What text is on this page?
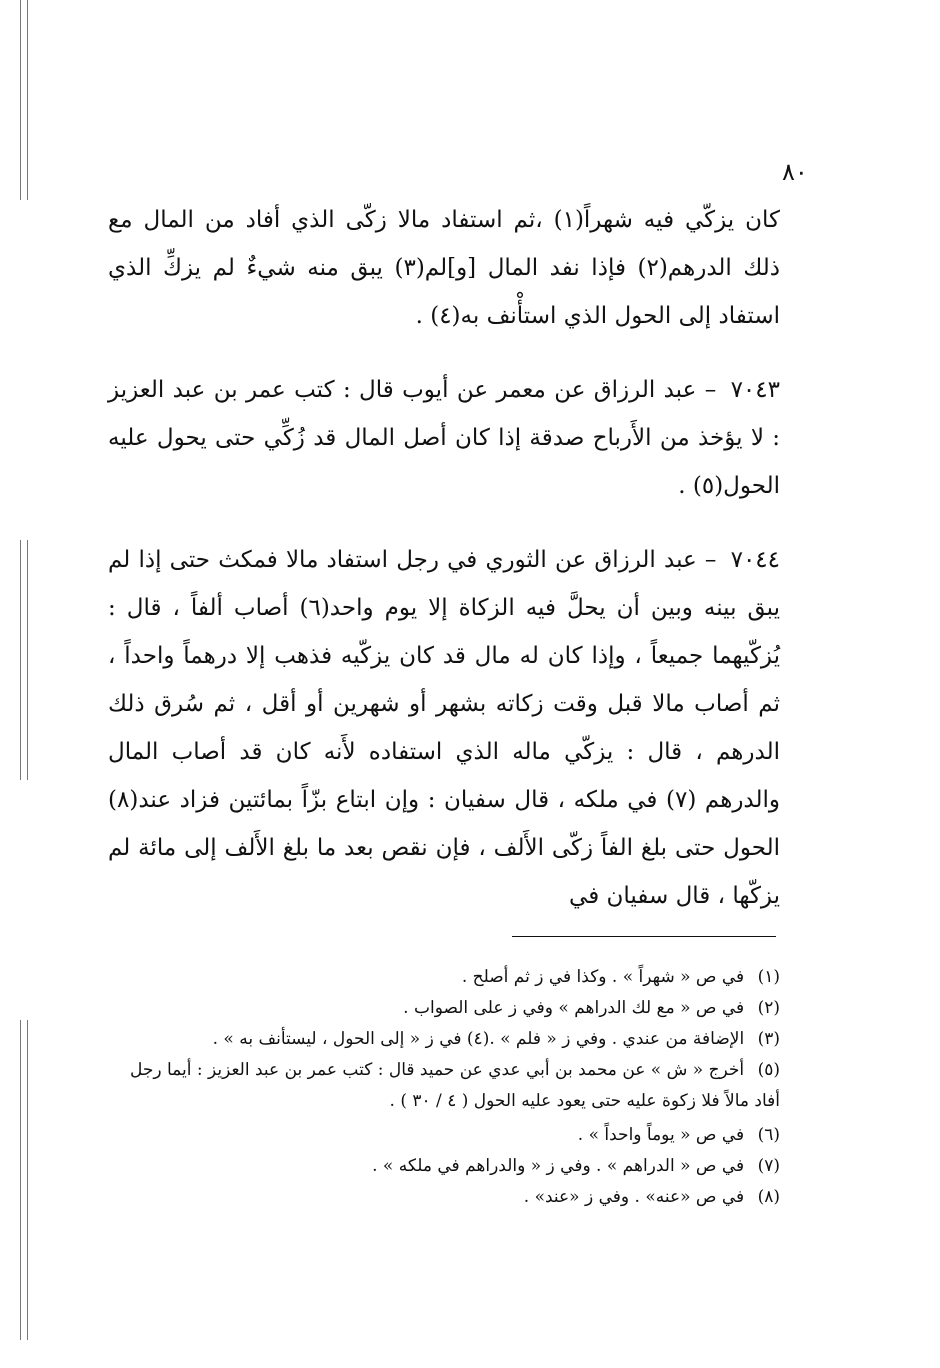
٨٠

كان يزكّي فيه شهراً(١) ،ثم استفاد مالا زكّى الذي أفاد من المال مع ذلك الدرهم(٢) فإذا نفد المال [و]لم(٣) يبق منه شيءٌ لم يزكِّ الذي استفاد إلى الحول الذي استأْنف به(٤) .

٧٠٤٣ – عبد الرزاق عن معمر عن أيوب قال : كتب عمر بن عبد العزيز : لا يؤخذ من الأَرباح صدقة إذا كان أصل المال قد زُكِّي حتى يحول عليه الحول(٥) .

٧٠٤٤ – عبد الرزاق عن الثوري في رجل استفاد مالا فمكث حتى إذا لم يبق بينه وبين أن يحلَّ فيه الزكاة إلا يوم واحد(٦) أصاب ألفاً ، قال : يُزكّيهما جميعاً ، وإذا كان له مال قد كان يزكّيه فذهب إلا درهماً واحداً ، ثم أصاب مالا قبل وقت زكاته بشهر أو شهرين أو أقل ، ثم سُرق ذلك الدرهم ، قال : يزكّي ماله الذي استفاده لأَنه كان قد أصاب المال والدرهم (٧) في ملكه ، قال سفيان : وإن ابتاع بزّاً بمائتين فزاد عند(٨) الحول حتى بلغ الفاً زكّى الأَلف ، فإن نقص بعد ما بلغ الأَلف إلى مائة لم يزكّها ، قال سفيان في

(١) في ص « شهراً » . وكذا في ز ثم أصلح .

(٢) في ص « مع لك الدراهم » وفي ز على الصواب .

(٣) الإضافة من عندي . وفي ز « فلم » .(٤) في ز « إلى الحول ، ليستأنف به » .

(٥) أخرج « ش » عن محمد بن أبي عدي عن حميد قال : كتب عمر بن عبد العزيز : أيما رجل أفاد مالاً فلا زكوة عليه حتى يعود عليه الحول ( ٤ / ٣٠ ) .

(٦) في ص « يوماً واحداً » .

(٧) في ص « الدراهم » . وفي ز « والدراهم في ملكه » .

(٨) في ص «عنه» . وفي ز «عند» .
